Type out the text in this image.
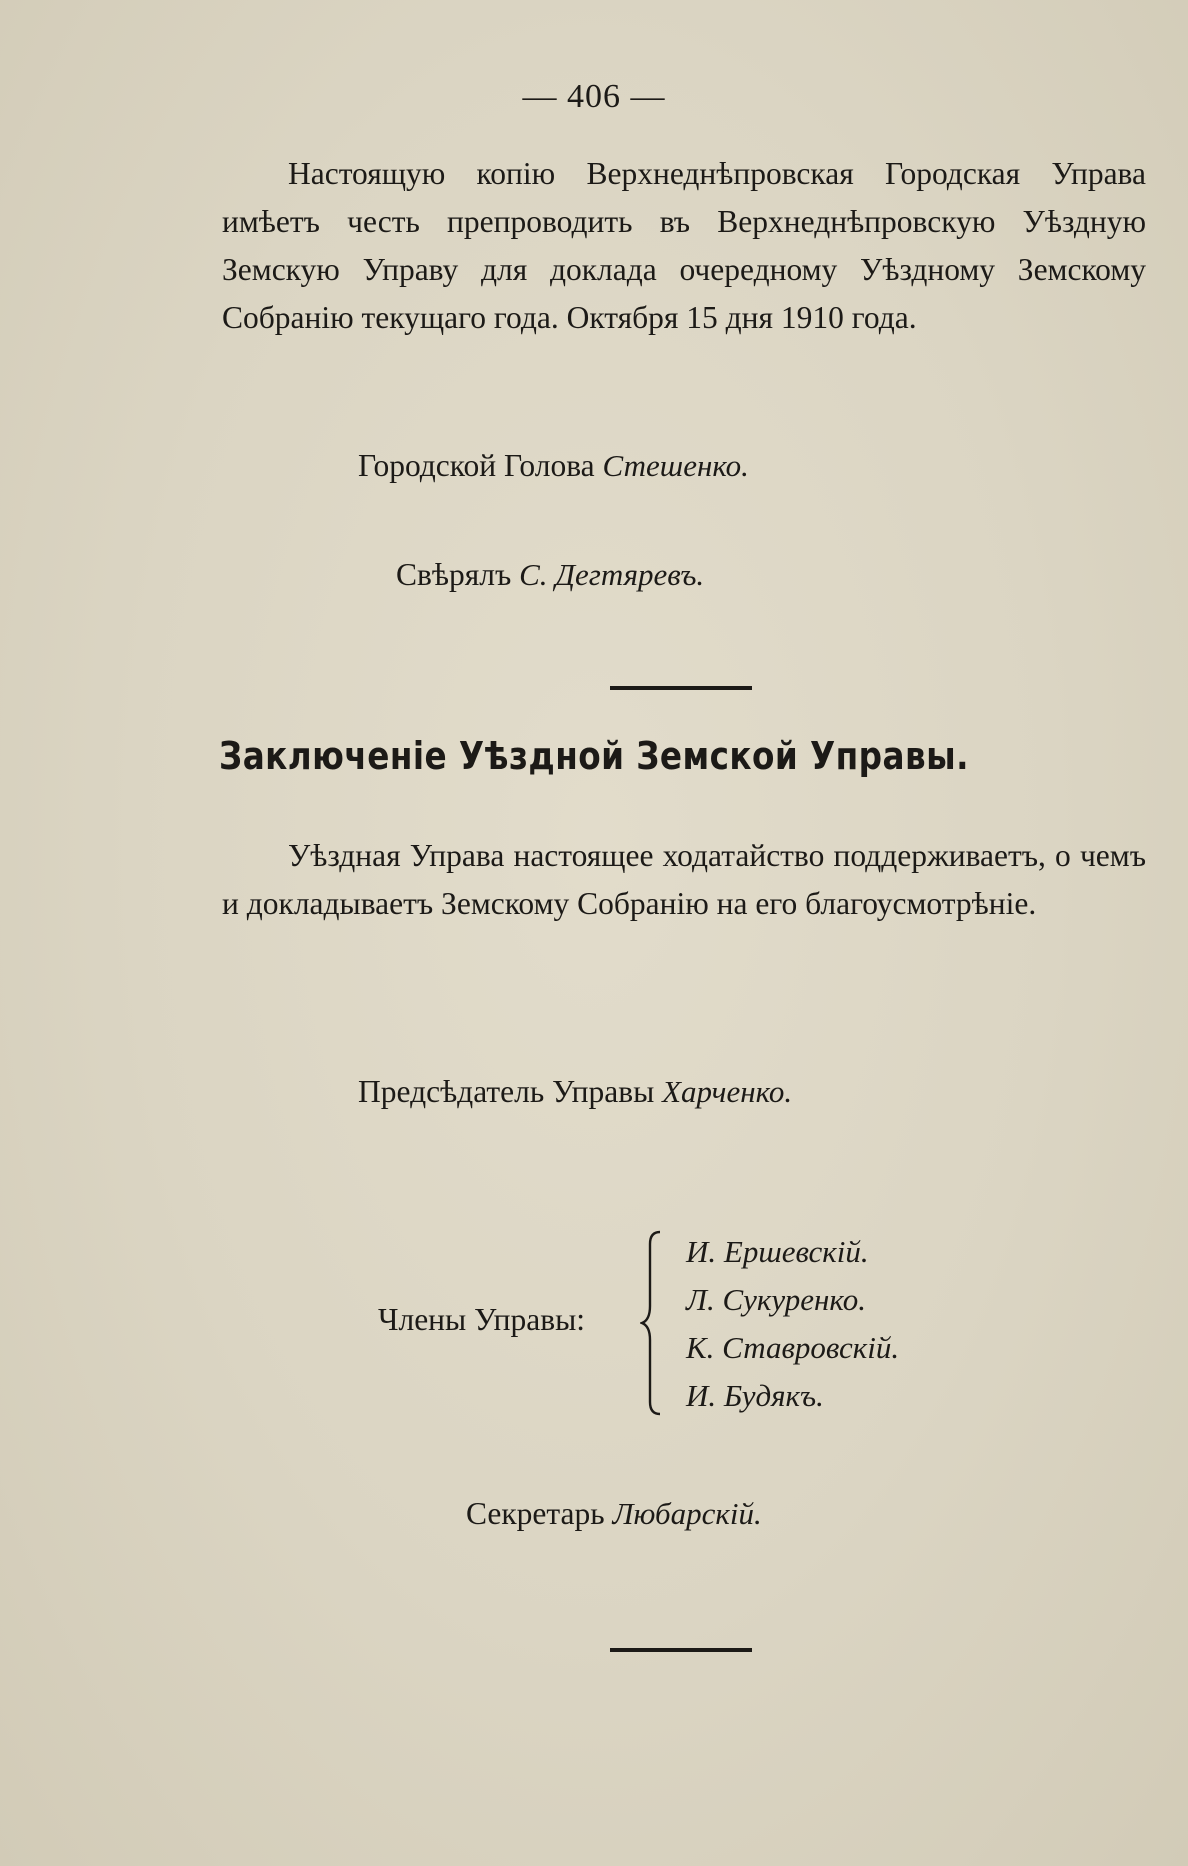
— 406 —
Настоящую копію Верхнеднѣпровская Городская Управа имѣетъ честь препроводить въ Верхнеднѣпровскую Уѣздную Земскую Управу для доклада очередному Уѣздному Земскому Собранію текущаго года. Октября 15 дня 1910 года.
Городской Голова Стешенко.
Свѣрялъ С. Дегтяревъ.
Заключеніе Уѣздной Земской Управы.
Уѣздная Управа настоящее ходатайство поддерживаетъ, о чемъ и докладываетъ Земскому Собранію на его благоусмотрѣніе.
Предсѣдатель Управы Харченко.
Члены Управы:
И. Ершевскій.
Л. Сукуренко.
К. Ставровскій.
И. Будякъ.
Секретарь Любарскій.
